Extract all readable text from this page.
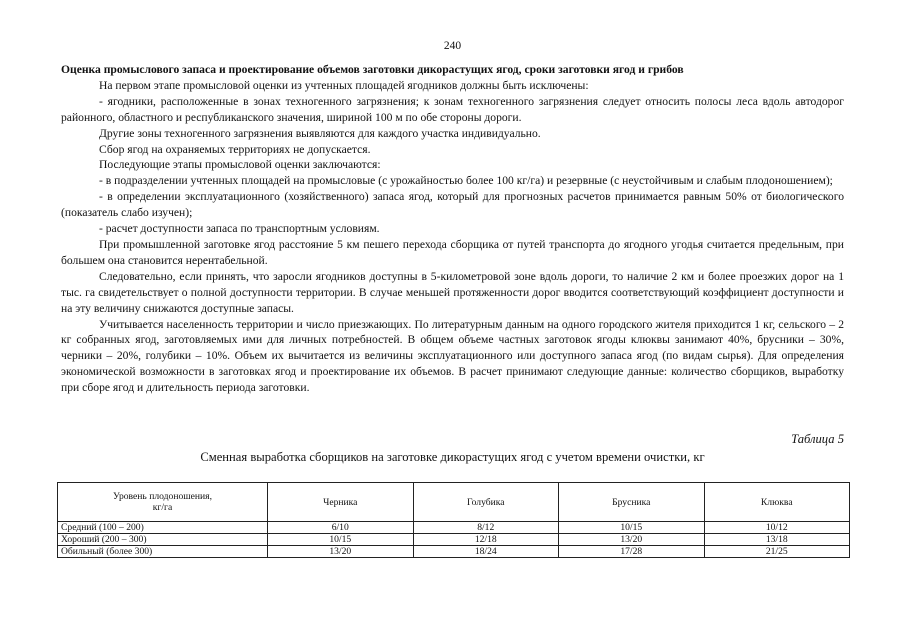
240
Оценка промыслового запаса и проектирование объемов заготовки дикорастущих ягод, сроки заготовки ягод и грибов

На первом этапе промысловой оценки из учтенных площадей ягодников должны быть исключены:

- ягодники, расположенные в зонах техногенного загрязнения; к зонам техногенного загрязнения следует относить полосы леса вдоль автодорог районного, областного и республиканского значения, шириной 100 м по обе стороны дороги.

Другие зоны техногенного загрязнения выявляются для каждого участка индивидуально.

Сбор ягод на охраняемых территориях не допускается.

Последующие этапы промысловой оценки заключаются:

- в подразделении учтенных площадей на промысловые (с урожайностью более 100 кг/га) и резервные (с неустойчивым и слабым плодоношением);

- в определении эксплуатационного (хозяйственного) запаса ягод, который для прогнозных расчетов принимается равным 50% от биологического (показатель слабо изучен);

- расчет доступности запаса по транспортным условиям.

При промышленной заготовке ягод расстояние 5 км пешего перехода сборщика от путей транспорта до ягодного угодья считается предельным, при большем она становится нерентабельной.

Следовательно, если принять, что заросли ягодников доступны в 5-километровой зоне вдоль дороги, то наличие 2 км и более проезжих дорог на 1 тыс. га свидетельствует о полной доступности территории. В случае меньшей протяженности дорог вводится соответствующий коэффициент доступности и на эту величину снижаются доступные запасы.

Учитывается населенность территории и число приезжающих. По литературным данным на одного городского жителя приходится 1 кг, сельского – 2 кг собранных ягод, заготовляемых ими для личных потребностей. В общем объеме частных заготовок ягоды клюквы занимают 40%, брусники – 30%, черники – 20%, голубики – 10%. Объем их вычитается из величины эксплуатационного или доступного запаса ягод (по видам сырья). Для определения экономической возможности в заготовках ягод и проектирование их объемов. В расчет принимают следующие данные: количество сборщиков, выработку при сборе ягод и длительность периода заготовки.

Таблица 5
Сменная выработка сборщиков на заготовке дикорастущих ягод с учетом времени очистки, кг
Уровень плодоношения,
кг/га	Черника	Голубика	Брусника	Клюква
Средний (100 – 200)	6/10	8/12	10/15	10/12
Хороший (200 – 300)	10/15	12/18	13/20	13/18
Обильный (более 300)	13/20	18/24	17/28	21/25
